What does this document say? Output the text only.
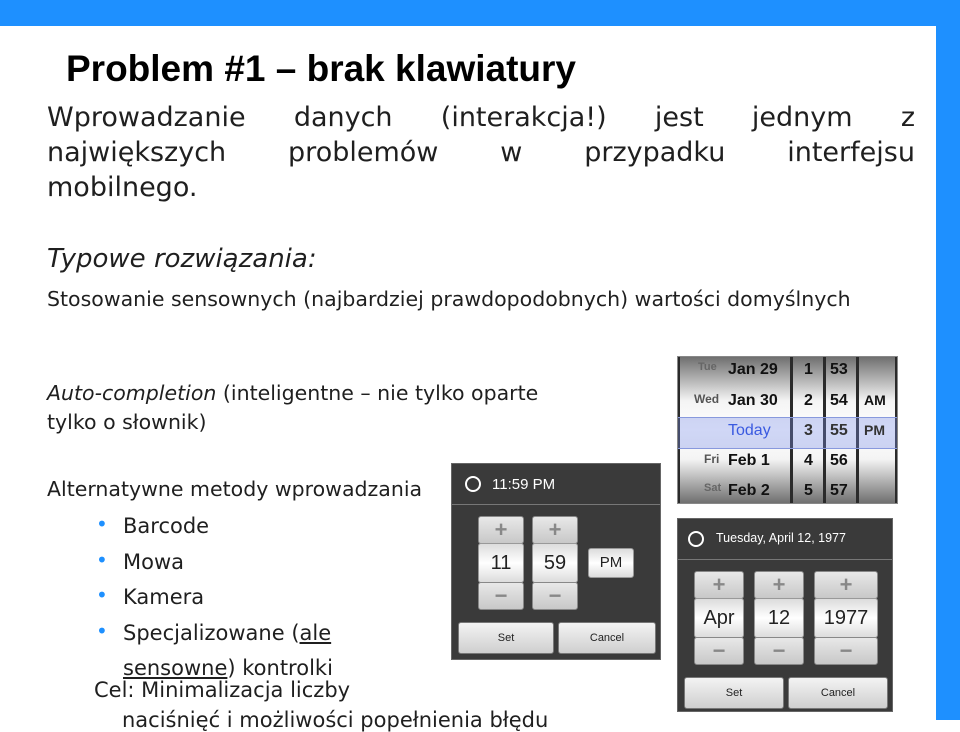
Problem #1 – brak klawiatury
Wprowadzanie danych (interakcja!) jest jednym z
największych problemów w przypadku interfejsu
mobilnego.
Typowe rozwiązania:
Stosowanie sensownych (najbardziej prawdopodobnych) wartości domyślnych
Auto-completion (inteligentne – nie tylko oparte tylko o słownik)
Alternatywne metody wprowadzania
• Barcode
• Mowa
• Kamera
• Specjalizowane (ale
sensowne) kontrolki
Cel: Minimalizacja liczby
naciśnięć i możliwości popełnienia błędu
Tue Jan 29 1 53
Wed Jan 30 2 54 AM
Today 3 55 PM
Fri Feb 1 4 56
Sat Feb 2 5 57
11:59 PM
+
11
−
+
59
−
PM
Set	Cancel
Tuesday, April 12, 1977
+
Apr
−
+
12
−
+
1977
−
Set	Cancel
